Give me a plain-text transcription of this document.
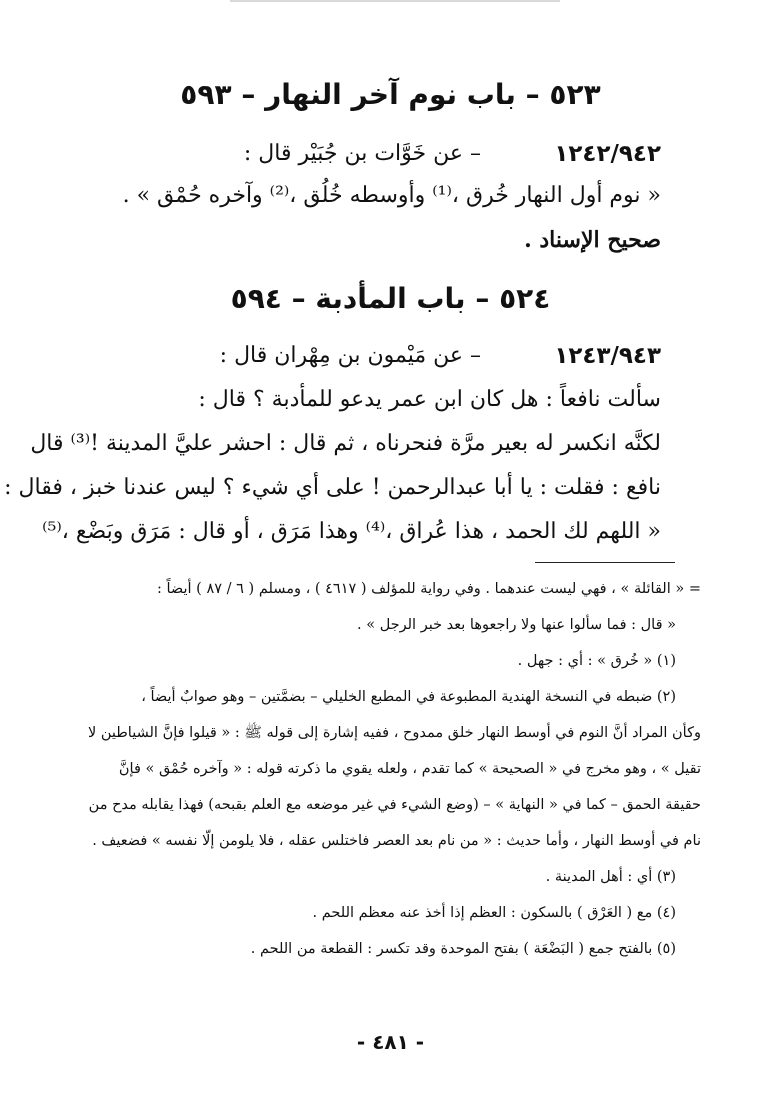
٥٢٣ – باب نوم آخر النهار – ٥٩٣
١٢٤٢/٩٤٢
– عن خَوَّات بن جُبَيْر قال :
« نوم أول النهار خُرق ،⁽¹⁾ وأوسطه خُلُق ،⁽²⁾ وآخره حُمْق » .
صحيح الإسناد .
٥٢٤ – باب المأدبة – ٥٩٤
١٢٤٣/٩٤٣
– عن مَيْمون بن مِهْران قال :
سألت نافعاً : هل كان ابن عمر يدعو للمأدبة ؟ قال :
لكنَّه انكسر له بعير مرَّة فنحرناه ، ثم قال : احشر عليَّ المدينة !⁽³⁾ قال
نافع : فقلت : يا أبا عبدالرحمن ! على أي شيء ؟ ليس عندنا خبز ، فقال :
« اللهم لك الحمد ، هذا عُراق ،⁽⁴⁾ وهذا مَرَق ، أو قال : مَرَق وبَضْع ،⁽⁵⁾
= « القائلة » ، فهي ليست عندهما . وفي رواية للمؤلف ( ٤٦١٧ ) ، ومسلم ( ٦ / ٨٧ ) أيضاً :
« قال : فما سألوا عنها ولا راجعوها بعد خبر الرجل » .
(١) « خُرق » : أي : جهل .
(٢) ضبطه في النسخة الهندية المطبوعة في المطبع الخليلي – بضمَّتين – وهو صوابٌ أيضاً ،
وكأن المراد أنَّ النوم في أوسط النهار خلق ممدوح ، ففيه إشارة إلى قوله ﷺ : « قيلوا فإنَّ الشياطين لا
تقيل » ، وهو مخرج في « الصحيحة » كما تقدم ، ولعله يقوي ما ذكرته قوله : « وآخره حُمْق » فإنَّ
حقيقة الحمق – كما في « النهاية » – (وضع الشيء في غير موضعه مع العلم بقبحه) فهذا يقابله مدح من
نام في أوسط النهار ، وأما حديث : « من نام بعد العصر فاختلس عقله ، فلا يلومن إلّا نفسه » فضعيف .
(٣) أي : أهل المدينة .
(٤) مع ( العَرْق ) بالسكون : العظم إذا أخذ عنه معظم اللحم .
(٥) بالفتح جمع ( البَضْعَة ) بفتح الموحدة وقد تكسر : القطعة من اللحم .
- ٤٨١ -
